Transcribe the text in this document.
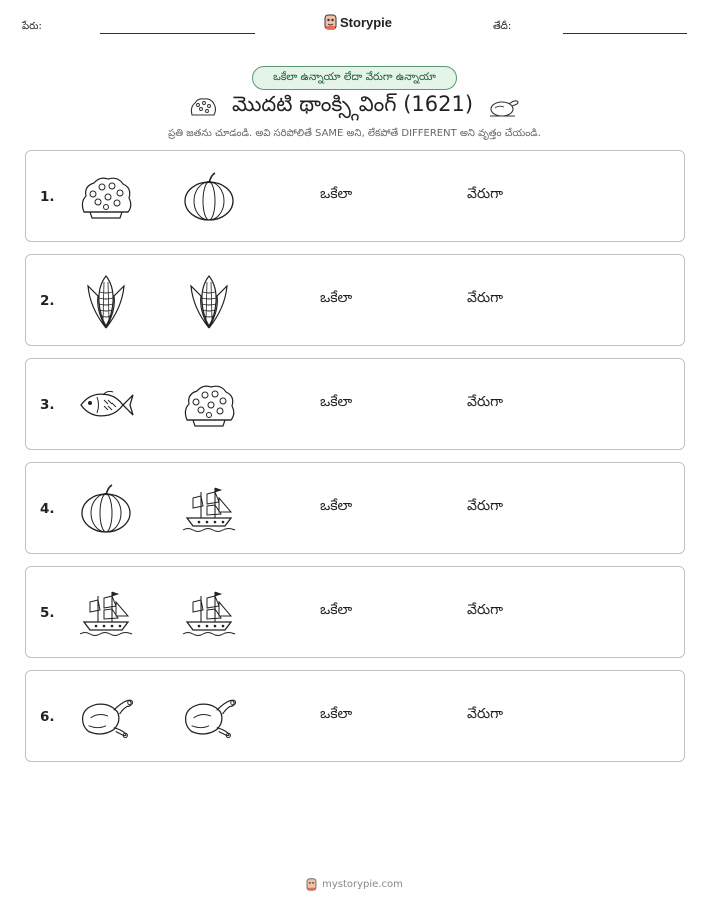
పేరు:	Storypie	తేదీ:
ఒకేలా ఉన్నాయా లేదా వేరుగా ఉన్నాయా
మొదటి థాంక్స్గివింగ్ (1621)
ప్రతి జతను చూడండి. అవి సరిపోలితే SAME అని, లేకపోతే DIFFERENT అని వృత్తం చేయండి.
1.	ఒకేలా	వేరుగా
2.	ఒకేలా	వేరుగా
3.	ఒకేలా	వేరుగా
4.	ఒకేలా	వేరుగా
5.	ఒకేలా	వేరుగా
6.	ఒకేలా	వేరుగా
mystorypie.com
